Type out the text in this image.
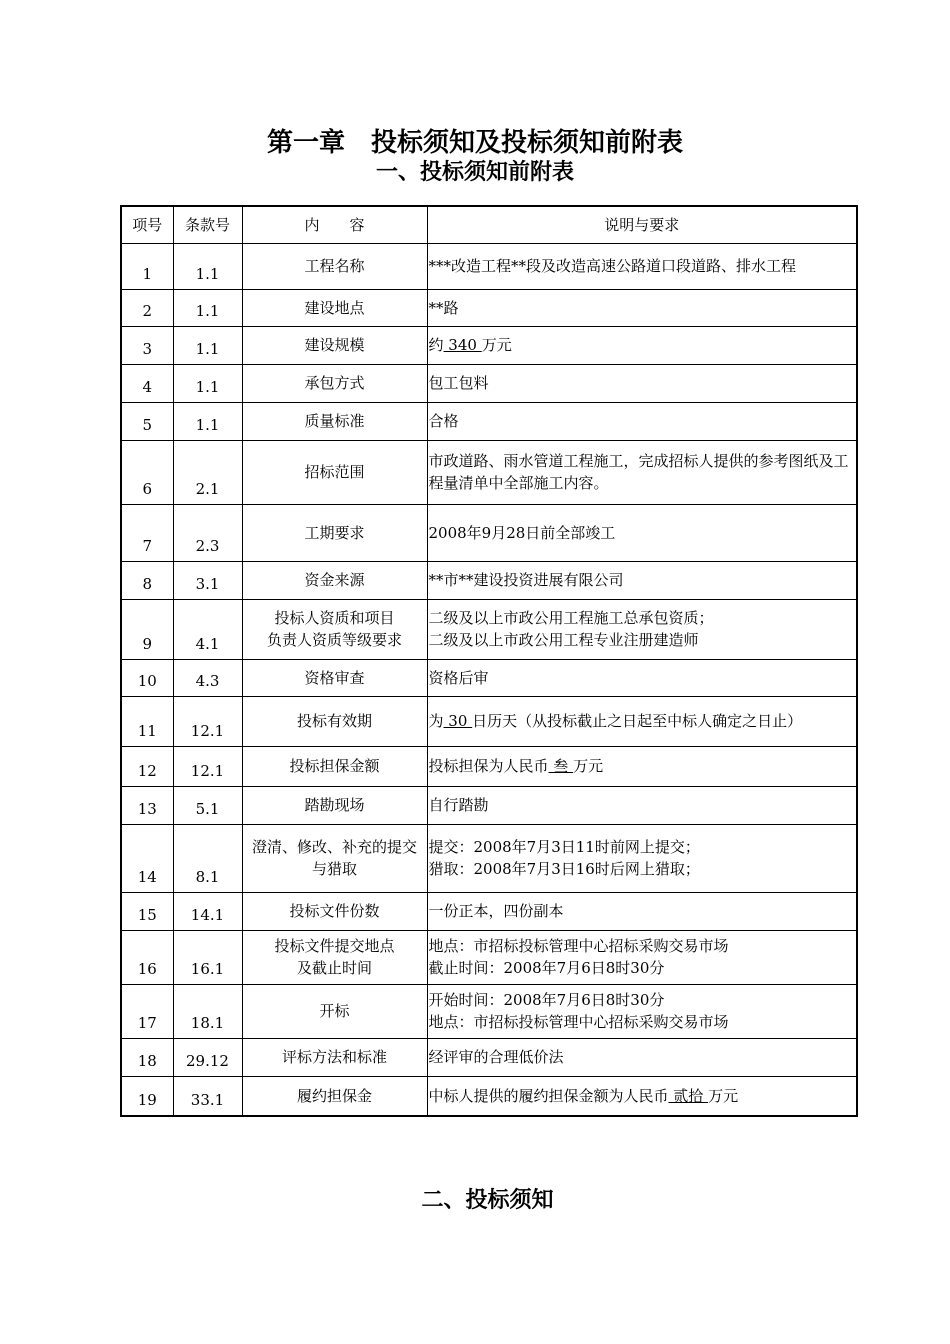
第一章　投标须知及投标须知前附表
一、投标须知前附表
项号	条款号	内　　容	说明与要求
1	1.1	工程名称	***改造工程**段及改造高速公路道口段道路、排水工程
2	1.1	建设地点	**路
3	1.1	建设规模	约 340 万元
4	1.1	承包方式	包工包料
5	1.1	质量标准	合格
6	2.1	招标范围	市政道路、雨水管道工程施工，完成招标人提供的参考图纸及工程量清单中全部施工内容。
7	2.3	工期要求	2008年9月28日前全部竣工
8	3.1	资金来源	**市**建设投资进展有限公司
9	4.1	投标人资质和项目
负责人资质等级要求	二级及以上市政公用工程施工总承包资质；
二级及以上市政公用工程专业注册建造师

10	4.3	资格审查	资格后审
11	12.1	投标有效期	为 30 日历天（从投标截止之日起至中标人确定之日止）
12	12.1	投标担保金额	投标担保为人民币 叁 万元
13	5.1	踏勘现场	自行踏勘
14	8.1	澄清、修改、补充的提交
与猎取	提交：2008年7月3日11时前网上提交；
猎取：2008年7月3日16时后网上猎取；

15	14.1	投标文件份数	一份正本，四份副本
16	16.1	投标文件提交地点
及截止时间	地点：市招标投标管理中心招标采购交易市场
截止时间：2008年7月6日8时30分

17	18.1	开标	开始时间：2008年7月6日8时30分
地点：市招标投标管理中心招标采购交易市场

18	29.12	评标方法和标准	经评审的合理低价法
19	33.1	履约担保金	中标人提供的履约担保金额为人民币 贰拾 万元
二、投标须知
